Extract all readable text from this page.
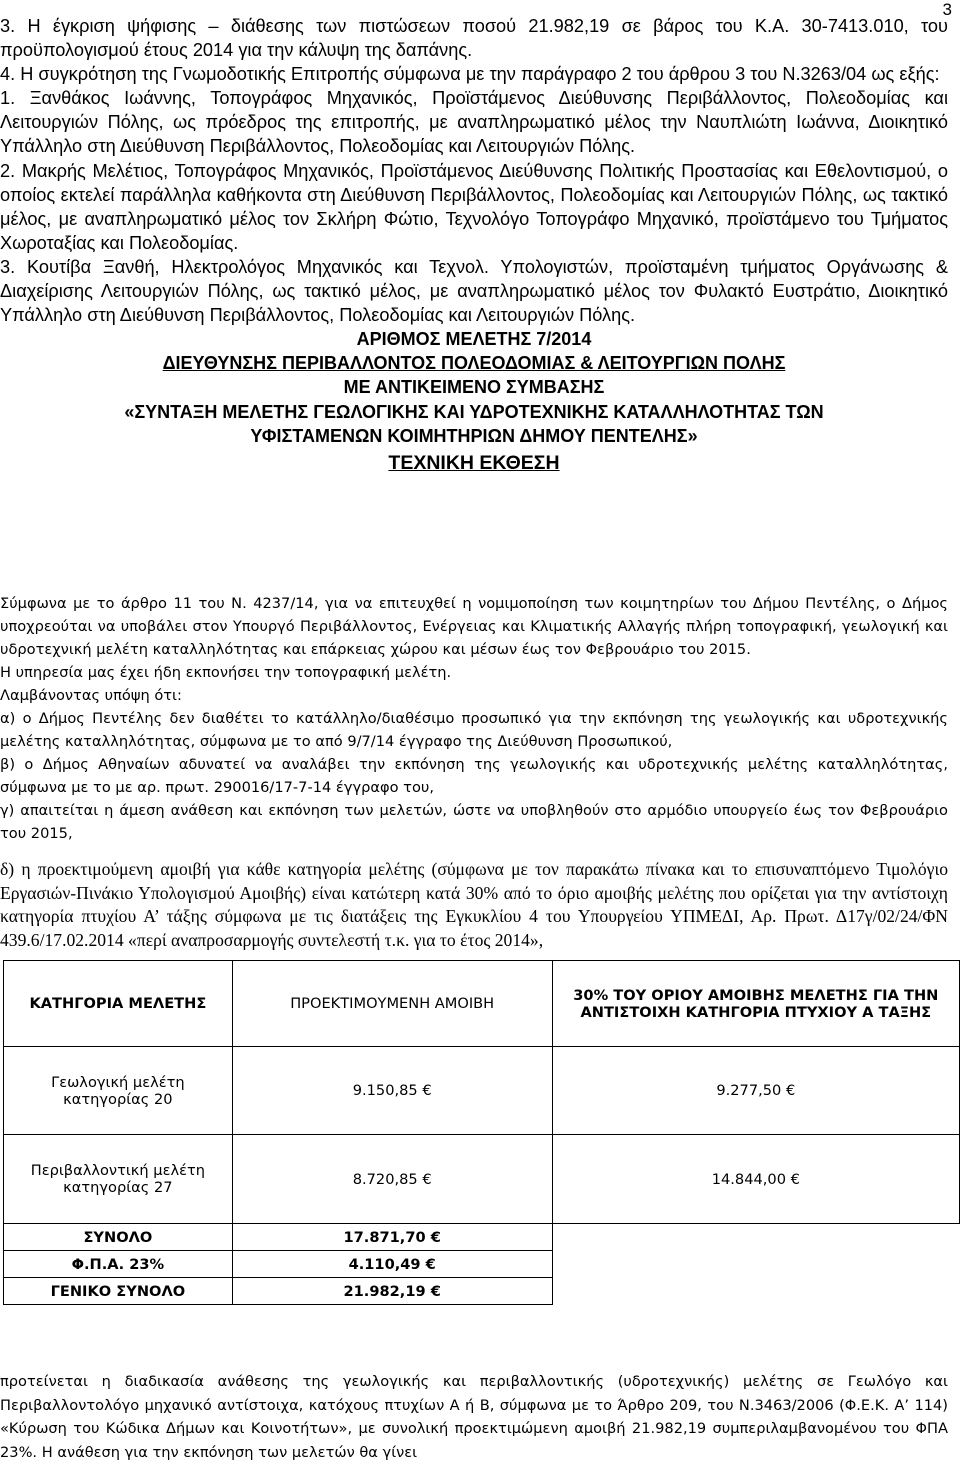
3

3. Η έγκριση ψήφισης – διάθεσης των πιστώσεων ποσού 21.982,19 σε βάρος του Κ.Α. 30-7413.010, του προϋπολογισμού έτους 2014 για την κάλυψη της δαπάνης.

4. Η συγκρότηση της Γνωμοδοτικής Επιτροπής σύμφωνα με την παράγραφο 2 του άρθρου 3 του Ν.3263/04 ως εξής:

1. Ξανθάκος Ιωάννης, Τοπογράφος Μηχανικός, Προϊστάμενος Διεύθυνσης Περιβάλλοντος, Πολεοδομίας και Λειτουργιών Πόλης, ως πρόεδρος της επιτροπής, με αναπληρωματικό μέλος την Ναυπλιώτη Ιωάννα, Διοικητικό Υπάλληλο στη Διεύθυνση Περιβάλλοντος, Πολεοδομίας και Λειτουργιών Πόλης.

2. Μακρής Μελέτιος, Τοπογράφος Μηχανικός, Προϊστάμενος Διεύθυνσης Πολιτικής Προστασίας και Εθελοντισμού, ο οποίος εκτελεί παράλληλα καθήκοντα στη Διεύθυνση Περιβάλλοντος, Πολεοδομίας και Λειτουργιών Πόλης, ως τακτικό μέλος, με αναπληρωματικό μέλος τον Σκλήρη Φώτιο, Τεχνολόγο Τοπογράφο Μηχανικό, προϊστάμενο του Τμήματος Χωροταξίας και Πολεοδομίας.

3. Κουτίβα Ξανθή, Ηλεκτρολόγος Μηχανικός και Τεχνολ. Υπολογιστών, προϊσταμένη τμήματος Οργάνωσης & Διαχείρισης Λειτουργιών Πόλης, ως τακτικό μέλος, με αναπληρωματικό μέλος τον Φυλακτό Ευστράτιο, Διοικητικό Υπάλληλο στη Διεύθυνση Περιβάλλοντος, Πολεοδομίας και Λειτουργιών Πόλης.

ΑΡΙΘΜΟΣ ΜΕΛΕΤΗΣ 7/2014

ΔΙΕΥΘΥΝΣΗΣ ΠΕΡΙΒΑΛΛΟΝΤΟΣ ΠΟΛΕΟΔΟΜΙΑΣ & ΛΕΙΤΟΥΡΓΙΩΝ ΠΟΛΗΣ

ΜΕ ΑΝΤΙΚΕΙΜΕΝΟ ΣΥΜΒΑΣΗΣ

«ΣΥΝΤΑΞΗ ΜΕΛΕΤΗΣ ΓΕΩΛΟΓΙΚΗΣ ΚΑΙ ΥΔΡΟΤΕΧΝΙΚΗΣ ΚΑΤΑΛΛΗΛΟΤΗΤΑΣ ΤΩΝ

ΥΦΙΣΤΑΜΕΝΩΝ ΚΟΙΜΗΤΗΡΙΩΝ ΔΗΜΟΥ ΠΕΝΤΕΛΗΣ»

ΤΕΧΝΙΚΗ ΕΚΘΕΣΗ

Σύμφωνα με το άρθρο 11 του Ν. 4237/14, για να επιτευχθεί η νομιμοποίηση των κοιμητηρίων του Δήμου Πεντέλης, ο Δήμος υποχρεούται να υποβάλει στον Υπουργό Περιβάλλοντος, Ενέργειας και Κλιματικής Αλλαγής πλήρη τοπογραφική, γεωλογική και υδροτεχνική μελέτη καταλληλότητας και επάρκειας χώρου και μέσων έως τον Φεβρουάριο του 2015.

Η υπηρεσία μας έχει ήδη εκπονήσει την τοπογραφική μελέτη.

Λαμβάνοντας υπόψη ότι:

α) ο Δήμος Πεντέλης δεν διαθέτει το κατάλληλο/διαθέσιμο προσωπικό για την εκπόνηση της γεωλογικής και υδροτεχνικής μελέτης καταλληλότητας, σύμφωνα με το από 9/7/14 έγγραφο της Διεύθυνση Προσωπικού,

β) ο Δήμος Αθηναίων αδυνατεί να αναλάβει την εκπόνηση της γεωλογικής και υδροτεχνικής μελέτης καταλληλότητας, σύμφωνα με το με αρ. πρωτ. 290016/17-7-14 έγγραφο του,

γ) απαιτείται η άμεση ανάθεση και εκπόνηση των μελετών, ώστε να υποβληθούν στο αρμόδιο υπουργείο έως τον Φεβρουάριο του 2015,

δ) η προεκτιμούμενη αμοιβή για κάθε κατηγορία μελέτης (σύμφωνα με τον παρακάτω πίνακα και το επισυναπτόμενο Τιμολόγιο Εργασιών-Πινάκιο Υπολογισμού Αμοιβής) είναι κατώτερη κατά 30% από το όριο αμοιβής μελέτης που ορίζεται για την αντίστοιχη κατηγορία πτυχίου Α’ τάξης σύμφωνα με τις διατάξεις της Εγκυκλίου 4 του Υπουργείου ΥΠΜΕΔΙ, Αρ. Πρωτ. Δ17γ/02/24/ΦΝ 439.6/17.02.2014 «περί αναπροσαρμογής συντελεστή τ.κ. για το έτος 2014»,

ΚΑΤΗΓΟΡΙΑ ΜΕΛΕΤΗΣ	ΠΡΟΕΚΤΙΜΟΥΜΕΝΗ ΑΜΟΙΒΗ	30% ΤΟΥ ΟΡΙΟΥ ΑΜΟΙΒΗΣ ΜΕΛΕΤΗΣ ΓΙΑ ΤΗΝ ΑΝΤΙΣΤΟΙΧΗ ΚΑΤΗΓΟΡΙΑ ΠΤΥΧΙΟΥ Α ΤΑΞΗΣ
Γεωλογική μελέτη κατηγορίας 20	9.150,85 €	9.277,50 €
Περιβαλλοντική μελέτη κατηγορίας 27	8.720,85 €	14.844,00 €
ΣΥΝΟΛΟ	17.871,70 €	
Φ.Π.Α. 23%	4.110,49 €	
ΓΕΝΙΚΟ ΣΥΝΟΛΟ	21.982,19 €	

προτείνεται η διαδικασία ανάθεσης της γεωλογικής και περιβαλλοντικής (υδροτεχνικής) μελέτης σε Γεωλόγο και Περιβαλλοντολόγο μηχανικό αντίστοιχα, κατόχους πτυχίων Α ή Β, σύμφωνα με το Άρθρο 209, του Ν.3463/2006 (Φ.Ε.Κ. Α’ 114) «Κύρωση του Κώδικα Δήμων και Κοινοτήτων», με συνολική προεκτιμώμενη αμοιβή 21.982,19 συμπεριλαμβανομένου του ΦΠΑ 23%. Η ανάθεση για την εκπόνηση των μελετών θα γίνει
